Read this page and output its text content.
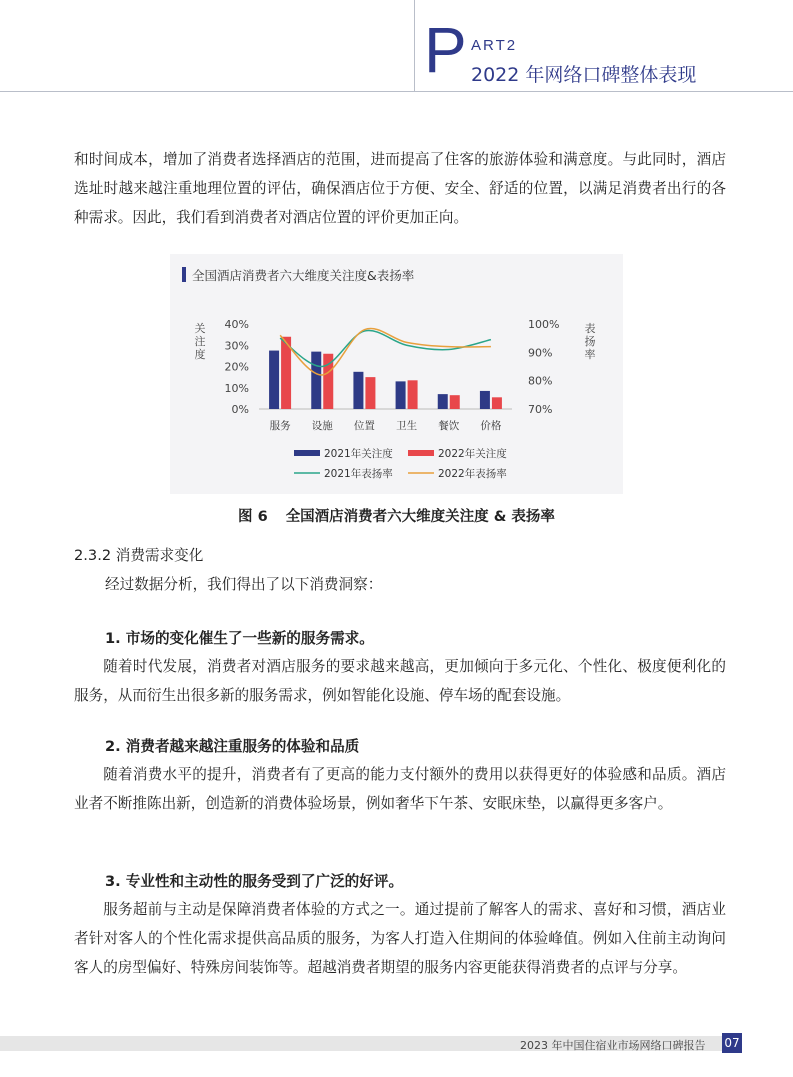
P ART2
2022 年网络口碑整体表现
和时间成本，增加了消费者选择酒店的范围，进而提高了住客的旅游体验和满意度。与此同时，酒店选址时越来越注重地理位置的评估，确保酒店位于方便、安全、舒适的位置，以满足消费者出行的各种需求。因此，我们看到消费者对酒店位置的评价更加正向。
全国酒店消费者六大维度关注度&表扬率
40%
30%
20%
10%
0%
100%
90%
80%
70%
关
注
度
表
扬
率
服务 设施 位置 卫生 餐饮 价格
2021年关注度	2022年关注度
2021年表扬率	2022年表扬率
图 6 全国酒店消费者六大维度关注度 & 表扬率
2.3.2 消费需求变化
经过数据分析，我们得出了以下消费洞察：
1. 市场的变化催生了一些新的服务需求。
随着时代发展，消费者对酒店服务的要求越来越高，更加倾向于多元化、个性化、极度便利化的服务，从而衍生出很多新的服务需求，例如智能化设施、停车场的配套设施。
2. 消费者越来越注重服务的体验和品质
随着消费水平的提升，消费者有了更高的能力支付额外的费用以获得更好的体验感和品质。酒店业者不断推陈出新，创造新的消费体验场景，例如奢华下午茶、安眠床垫，以赢得更多客户。
3. 专业性和主动性的服务受到了广泛的好评。
服务超前与主动是保障消费者体验的方式之一。通过提前了解客人的需求、喜好和习惯，酒店业者针对客人的个性化需求提供高品质的服务，为客人打造入住期间的体验峰值。例如入住前主动询问客人的房型偏好、特殊房间装饰等。超越消费者期望的服务内容更能获得消费者的点评与分享。
2023 年中国住宿业市场网络口碑报告 07
